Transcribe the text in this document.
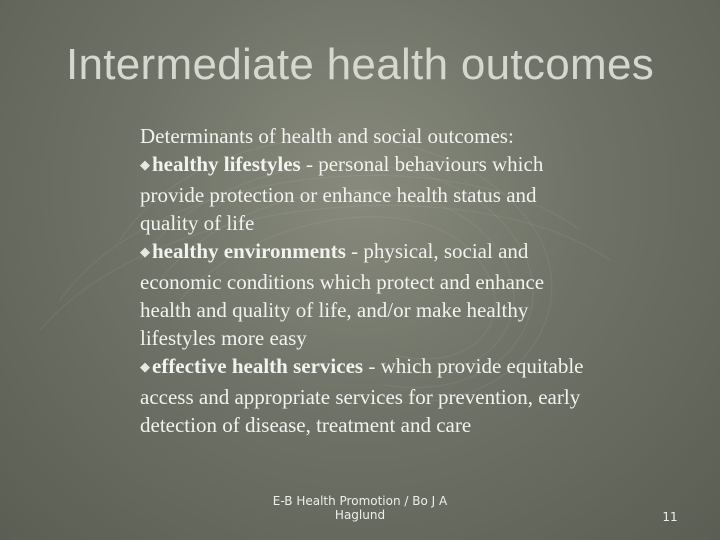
Intermediate health outcomes
Determinants of health and social outcomes:
◆healthy lifestyles - personal behaviours which
provide protection or enhance health status and
quality of life
◆healthy environments - physical, social and
economic conditions which protect and enhance
health and quality of life, and/or make healthy
lifestyles more easy
◆effective health services - which provide equitable
access and appropriate services for prevention, early
detection of disease, treatment and care
E-B Health Promotion / Bo J A
Haglund	11
